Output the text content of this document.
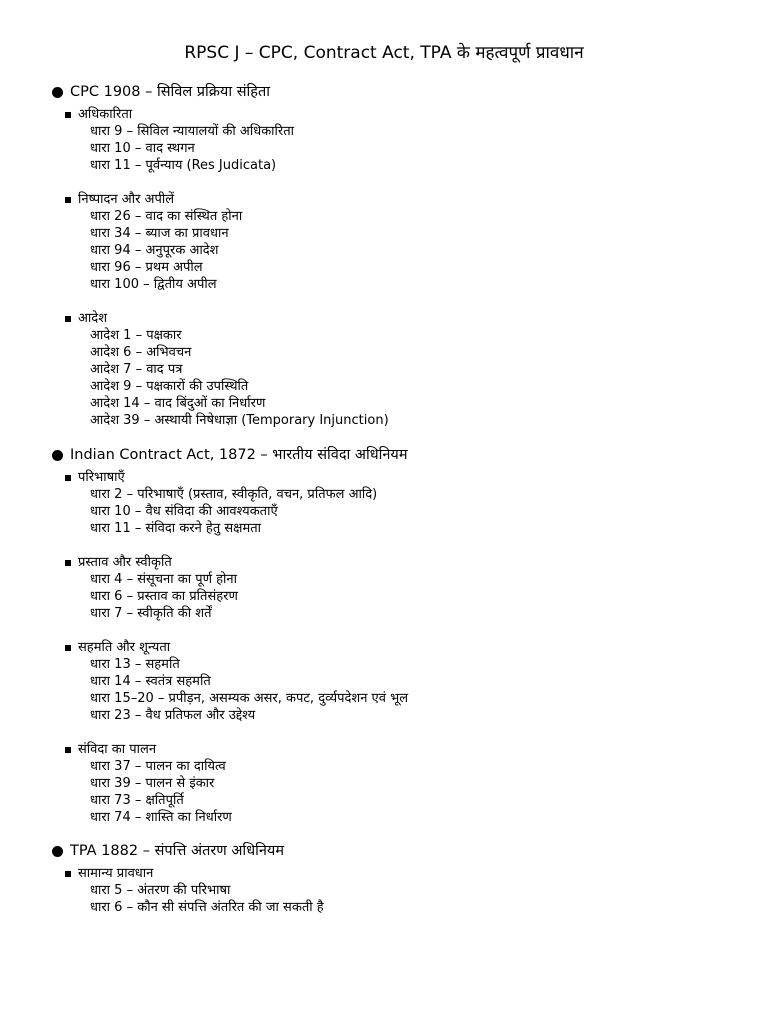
RPSC J – CPC, Contract Act, TPA के महत्वपूर्ण प्रावधान
CPC 1908 – सिविल प्रक्रिया संहिता
अधिकारिता
धारा 9 – सिविल न्यायालयों की अधिकारिता
धारा 10 – वाद स्थगन
धारा 11 – पूर्वन्याय (Res Judicata)
निष्पादन और अपीलें
धारा 26 – वाद का संस्थित होना
धारा 34 – ब्याज का प्रावधान
धारा 94 – अनुपूरक आदेश
धारा 96 – प्रथम अपील
धारा 100 – द्वितीय अपील
आदेश
आदेश 1 – पक्षकार
आदेश 6 – अभिवचन
आदेश 7 – वाद पत्र
आदेश 9 – पक्षकारों की उपस्थिति
आदेश 14 – वाद बिंदुओं का निर्धारण
आदेश 39 – अस्थायी निषेधाज्ञा (Temporary Injunction)
Indian Contract Act, 1872 – भारतीय संविदा अधिनियम
परिभाषाएँ
धारा 2 – परिभाषाएँ (प्रस्ताव, स्वीकृति, वचन, प्रतिफल आदि)
धारा 10 – वैध संविदा की आवश्यकताएँ
धारा 11 – संविदा करने हेतु सक्षमता
प्रस्ताव और स्वीकृति
धारा 4 – संसूचना का पूर्ण होना
धारा 6 – प्रस्ताव का प्रतिसंहरण
धारा 7 – स्वीकृति की शर्तें
सहमति और शून्यता
धारा 13 – सहमति
धारा 14 – स्वतंत्र सहमति
धारा 15–20 – प्रपीड़न, असम्यक असर, कपट, दुर्व्यपदेशन एवं भूल
धारा 23 – वैध प्रतिफल और उद्देश्य
संविदा का पालन
धारा 37 – पालन का दायित्व
धारा 39 – पालन से इंकार
धारा 73 – क्षतिपूर्ति
धारा 74 – शास्ति का निर्धारण
TPA 1882 – संपत्ति अंतरण अधिनियम
सामान्य प्रावधान
धारा 5 – अंतरण की परिभाषा
धारा 6 – कौन सी संपत्ति अंतरित की जा सकती है
